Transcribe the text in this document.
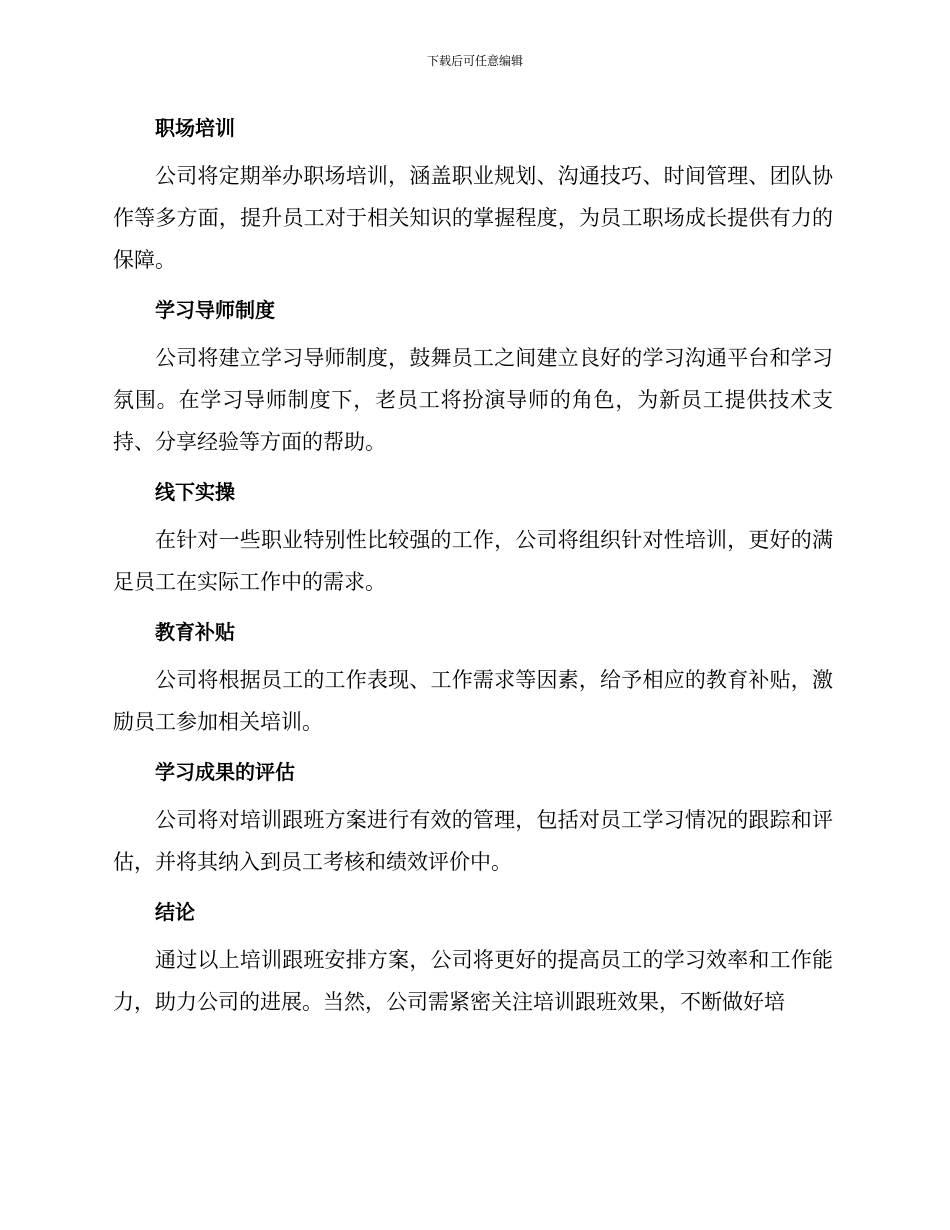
下载后可任意编辑
职场培训

公司将定期举办职场培训，涵盖职业规划、沟通技巧、时间管理、团队协作等多方面，提升员工对于相关知识的掌握程度，为员工职场成长提供有力的保障。

学习导师制度

公司将建立学习导师制度，鼓舞员工之间建立良好的学习沟通平台和学习氛围。在学习导师制度下，老员工将扮演导师的角色，为新员工提供技术支持、分享经验等方面的帮助。

线下实操

在针对一些职业特别性比较强的工作，公司将组织针对性培训，更好的满足员工在实际工作中的需求。

教育补贴

公司将根据员工的工作表现、工作需求等因素，给予相应的教育补贴，激励员工参加相关培训。

学习成果的评估

公司将对培训跟班方案进行有效的管理，包括对员工学习情况的跟踪和评估，并将其纳入到员工考核和绩效评价中。

结论

通过以上培训跟班安排方案，公司将更好的提高员工的学习效率和工作能力，助力公司的进展。当然，公司需紧密关注培训跟班效果，不断做好培
